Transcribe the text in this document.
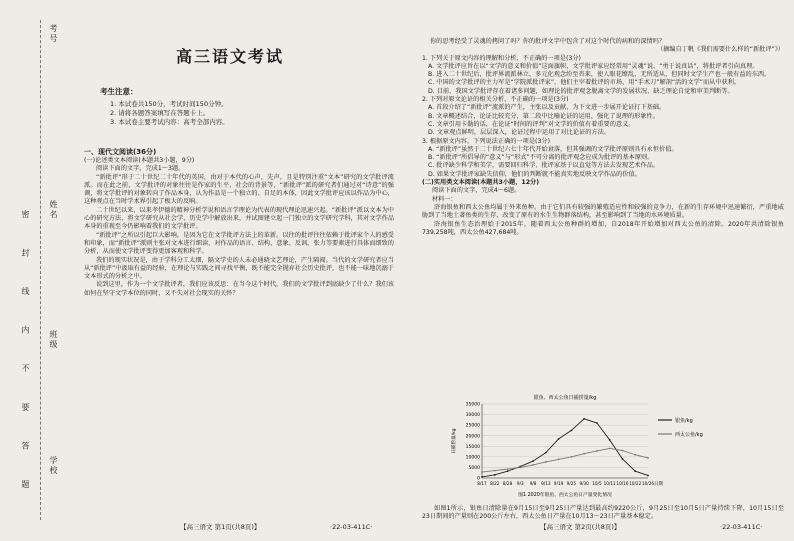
考号
姓名
班级
学校
密 封 线 内 不 要 答 题
高三语文考试
考生注意：
1. 本试卷共150分，考试时间150分钟。
2. 请将各题答案填写在答题卡上。
3. 本试卷主要考试内容：高考全部内容。
一、现代文阅读(36分)
(一)论述类文本阅读(本题共3小题，9分)
阅读下面的文字，完成1～3题。

“新批评”形于二十世纪二十年代的英国，由对于本代的心声，先声，且是特别注重“文本”研究的文学批评流派。而在此之前，文学批评的对象往往是作家的生平、社会的背景等，“新批评”派的研究者们通过对“诗意”的强调，将文学批评的对象转向了作品本身，认为作品是一个独立的、自足的本体，因此文学批评应该以作品为中心，这种观点在当时学术界引起了极大的反响。

二十世纪以来，以来孝伊德的精神分析学说和语言学理论为代表的现代理论迅速兴起。“新批评”派以文本为中心的研究方法，将文学研究从社会学、历史学中解放出来，并试图建立起一门独立的文学研究学科，其对文学作品本身的重视至今仍影响着我们的文学批评。

“新批评”之所以引起巨大影响，是因为它在文学批评方法上的革新。以往的批评往往依赖于批评家个人的感受和印象，而“新批评”派则主张对文本进行细读，对作品的语言、结构、意象、反讽、张力等要素进行具体而细致的分析，从而使文学批评变得更加客观和科学。

我们的现实状况是，由于学科分工太细，隔文学史的人未必通晓文艺理论，产生隔阂。当代的文学研究者应当从“新批评”中汲取有益的经验，在理论与实践之间寻找平衡，既不能完全抛弃社会历史批评，也不能一味地沉溺于文本形式的分析之中。

说到这里，作为一个文学批评者，我们应该反思：在当今这个时代，我们的文学批评到底缺少了什么？我们该如何在坚守文学本位的同时，又不失对社会现实的关怀？

【高三语文 第1页(共8页)】	·22-03-411C·

你的思考经受了灵魂的拷问了吗？你的批评文字中包含了对这个时代的病和的深情吗？

（摘编自丁帆《我们需要什么样的“新批评”》）

1. 下列关于原文内容的理解和分析，不正确的一项是(3分)
A. 文学批评应旨在以“文学的意义和价值”这面旗帜，文学批评家应经常用“灵魂”说，“勇于说真话”，将批评者引向真理。
B. 进入二十世纪后，批评界流派林立，多元化观念纷至沓来，使人眼花缭乱，无所适从，但同时文学生产也一般有益的东西。
C. 中国的文学批评的主力军是“学院派批评家”，他们主宰着批评的市场，用“手术刀”解剖“活的文学”而从中获利。
D. 目前，我国文学批评存在着诸多问题，如理论的批评观念脱离文学的发展状况、缺乏理论自觉和审美判断等。
2. 下列对原文论证的相关分析，不正确的一项是(3分)
A. 首段介绍了“新批评”流派的产生，主张以及贡献，为下文进一步展开论证打下基础。
B. 文章概述结合，论证比较充分，第二段中比喻论证的运用，强化了说理的形象性。
C. 文章引用卡勒的话，在论证“时间的评判”对文学的价值有着重要的意义。
D. 文章观点鲜明，层层深入，论证过程中运用了对比论证的方法。
3. 根据原文内容，下列说法正确的一项是(3分)
A. “新批评”虽然于二十世纪六七十年代开始衰落，但其强调的文学批评原则具有永恒价值。
B. “新批评”所倡导的“意义”与“形式”不可分离的批评观念应成为批评的基本原则。
C. 批评缺少科学和美学，需要回归科学、批评家基于以直觉等方法去发现艺术作品。
D. 如果文学批评家缺失信仰，他们的判断就不能真实地反映文学作品的价值。
(二)实用类文本阅读(本题共3小题，12分)
阅读下面的文字，完成4～6题。
材料一：

浒海银鱼和西太公鱼均属于外来鱼种。由于它们具有较强的繁殖适应性和较强的竞争力，在新的生存环境中迅速繁衍，严重地威胁到了当地土著鱼类的生存，改变了原有的水生生物群落结构，甚至影响到了当地的水环境质量。

浒海银鱼生态治理始于2015年，随着西太公鱼种群的增加，自2018年开始增加对西太公鱼的清除。2020年共清除银鱼739,258吨，西太公鱼427,684吨。

银鱼、西太公鱼日捕捞量/kg
0
5000
10000
15000
20000
25000
30000
35000
8/17 8/22 8/28 9/3 9/8 9/13 9/19 9/25 9/30 10/5 10/11 10/16 10/22 10/26 日期
日捕捞量/kg
银鱼/kg
西太公鱼/kg
图1 2020年银鱼、西太公鱼日产量变化情况

如图1所示，银鱼日清除量在9月15日至9月25日产量达到最高约9220公斤，9月25日至10月5日产量持续下降，10月15日至23日期间的产量则在200公斤左右，西太公鱼日产量在10月13～23日产量基本稳定。

【高三语文 第2页(共8页)】	·22-03-411C·
